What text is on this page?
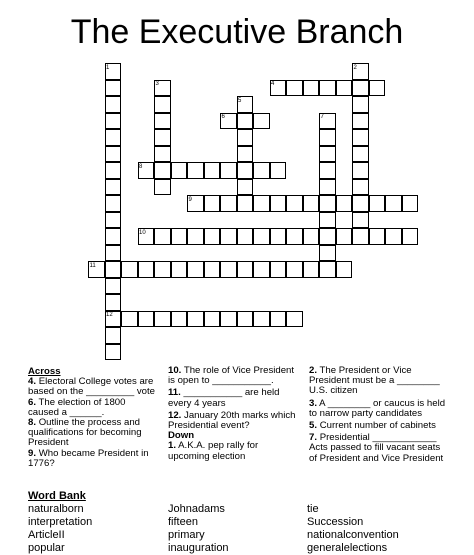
The Executive Branch
1	2
3	4
5
6	7
8
9
10
11
12
Across
4. Electoral College votes are based on the _________ vote
6. The election of 1800 caused a ______.
8. Outline the process and qualifications for becoming President
9. Who became President in 1776?
10. The role of Vice President is open to ___________.
11. ___________ are held every 4 years
12. January 20th marks which Presidential event?
Down
1. A.K.A. pep rally for upcoming election
2. The President or Vice President must be a ________ U.S. citizen
3. A ________ or caucus is held to narrow party candidates
5. Current number of cabinets
7. Presidential ____________ Acts passed to fill vacant seats of President and Vice President
Word Bank
naturalborn	Johnadams	tie
interpretation	fifteen	Succession
ArticleII	primary	nationalconvention
popular	inauguration	generalelections
